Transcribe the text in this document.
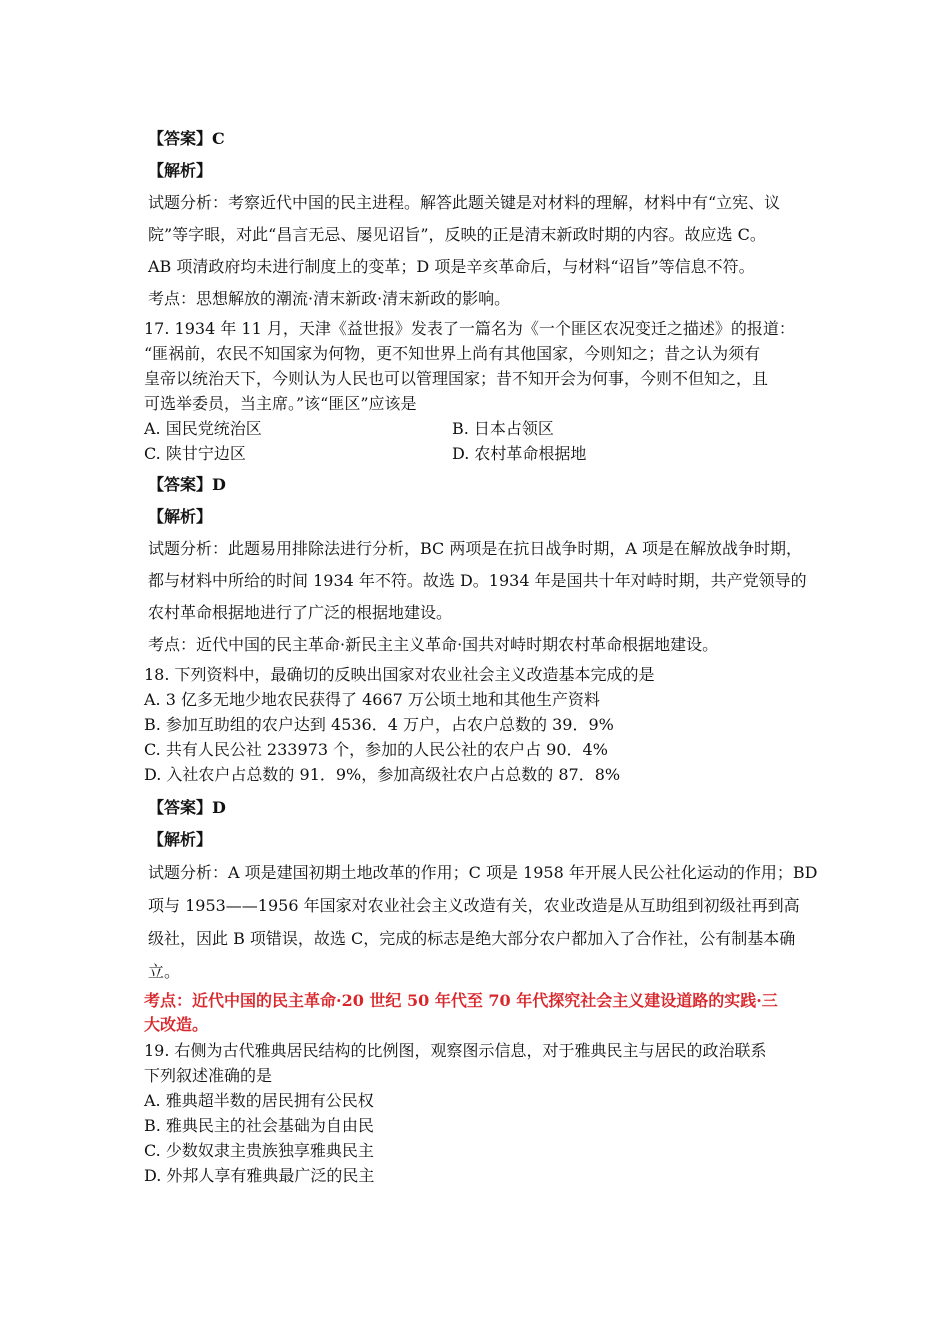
【答案】C
【解析】
试题分析：考察近代中国的民主进程。解答此题关键是对材料的理解，材料中有“立宪、议
院”等字眼，对此“昌言无忌、屡见诏旨”，反映的正是清末新政时期的内容。故应选 C。
AB 项清政府均未进行制度上的变革；D 项是辛亥革命后，与材料“诏旨”等信息不符。
考点：思想解放的潮流·清末新政·清末新政的影响。
17. 1934 年 11 月，天津《益世报》发表了一篇名为《一个匪区农况变迁之描述》的报道：
“匪祸前，农民不知国家为何物，更不知世界上尚有其他国家，今则知之；昔之认为须有
皇帝以统治天下，今则认为人民也可以管理国家；昔不知开会为何事，今则不但知之，且
可选举委员，当主席。”该“匪区”应该是
A. 国民党统治区	B. 日本占领区
C. 陕甘宁边区	D. 农村革命根据地
【答案】D
【解析】
试题分析：此题易用排除法进行分析，BC 两项是在抗日战争时期，A 项是在解放战争时期，
都与材料中所给的时间 1934 年不符。故选 D。1934 年是国共十年对峙时期，共产党领导的
农村革命根据地进行了广泛的根据地建设。
考点：近代中国的民主革命·新民主主义革命·国共对峙时期农村革命根据地建设。
18. 下列资料中，最确切的反映出国家对农业社会主义改造基本完成的是
A. 3 亿多无地少地农民获得了 4667 万公顷土地和其他生产资料
B. 参加互助组的农户达到 4536．4 万户，占农户总数的 39．9%
C. 共有人民公社 233973 个，参加的人民公社的农户占 90．4%
D. 入社农户占总数的 91．9%，参加高级社农户占总数的 87．8%
【答案】D
【解析】
试题分析：A 项是建国初期土地改革的作用；C 项是 1958 年开展人民公社化运动的作用；BD
项与 1953——1956 年国家对农业社会主义改造有关，农业改造是从互助组到初级社再到高
级社，因此 B 项错误，故选 C，完成的标志是绝大部分农户都加入了合作社，公有制基本确
立。
考点：近代中国的民主革命·20 世纪 50 年代至 70 年代探究社会主义建设道路的实践·三
大改造。
19. 右侧为古代雅典居民结构的比例图，观察图示信息，对于雅典民主与居民的政治联系
下列叙述准确的是
A. 雅典超半数的居民拥有公民权
B. 雅典民主的社会基础为自由民
C. 少数奴隶主贵族独享雅典民主
D. 外邦人享有雅典最广泛的民主
